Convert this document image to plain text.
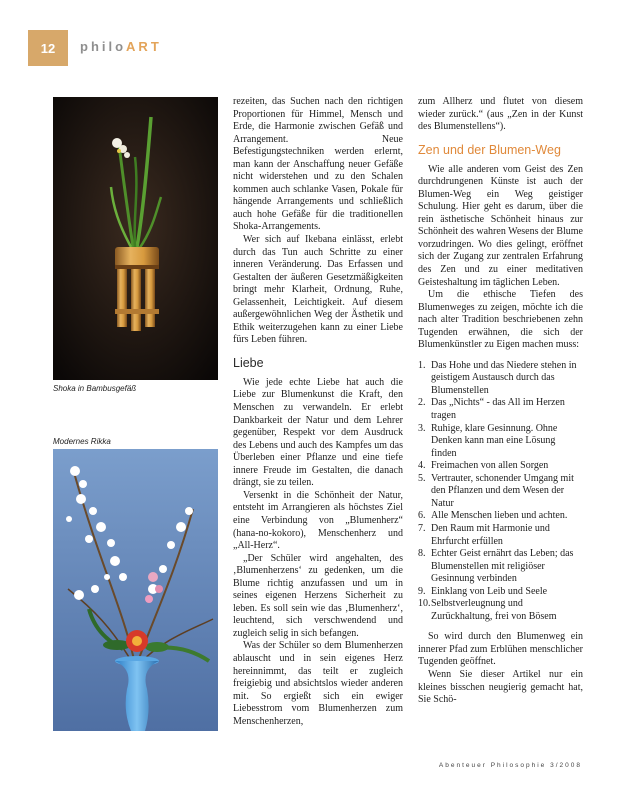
12 philoART
Shoka in Bambusgefäß
Modernes Rikka

rezeiten, das Suchen nach den richtigen Proportionen für Himmel, Mensch und Erde, die Harmonie zwischen Gefäß und Arrangement. Neue Befestigungstechniken werden erlernt, man kann der Anschaffung neuer Gefäße nicht widerstehen und zu den Schalen kommen auch schlanke Vasen, Pokale für hängende Arrangements und schließlich auch hohe Gefäße für die traditionellen Shoka-Arrangements.

Wer sich auf Ikebana einlässt, erlebt durch das Tun auch Schritte zu einer inneren Veränderung. Das Erfassen und Gestalten der äußeren Gesetzmäßigkeiten bringt mehr Klarheit, Ordnung, Ruhe, Gelassenheit, Leichtigkeit. Auf diesem außergewöhnlichen Weg der Ästhetik und Ethik weiterzugehen kann zu einer Liebe fürs Leben führen.

Liebe

Wie jede echte Liebe hat auch die Liebe zur Blumenkunst die Kraft, den Menschen zu verwandeln. Er erlebt Dankbarkeit der Natur und dem Lehrer gegenüber, Respekt vor dem Ausdruck des Lebens und auch des Kampfes um das Überleben einer Pflanze und eine tiefe innere Freude im Gestalten, die danach drängt, sie zu teilen.

Versenkt in die Schönheit der Natur, entsteht im Arrangieren als höchstes Ziel eine Verbindung von „Blumenherz“ (hana-no-kokoro), Menschenherz und „All-Herz“.

„Der Schüler wird angehalten, des ‚Blumenherzens‘ zu gedenken, um die Blume richtig anzufassen und um in seines eigenen Herzens Sicherheit zu leben. Es soll sein wie das ‚Blumenherz‘, leuchtend, sich verschwendend und zugleich selig in sich befangen.

Was der Schüler so dem Blumenherzen ablauscht und in sein eigenes Herz hereinnimmt, das teilt er zugleich freigiebig und absichtslos wieder anderen mit. So ergießt sich ein ewiger Liebesstrom vom Blumenherzen zum Menschenherzen,

zum Allherz und flutet von diesem wieder zurück.“ (aus „Zen in der Kunst des Blumenstellens“).

Zen und der Blumen-Weg

Wie alle anderen vom Geist des Zen durchdrungenen Künste ist auch der Blumen-Weg ein Weg geistiger Schulung. Hier geht es darum, über die rein ästhetische Schönheit hinaus zur Schönheit des wahren Wesens der Blume vorzudringen. Wo dies gelingt, eröffnet sich der Zugang zur zentralen Erfahrung des Zen und zu einer meditativen Geisteshaltung im täglichen Leben.

Um die ethische Tiefen des Blumenweges zu zeigen, möchte ich die nach alter Tradition beschriebenen zehn Tugenden erwähnen, die sich der Blumenkünstler zu Eigen machen muss:

1. Das Hohe und das Niedere stehen in geistigem Austausch durch das Blumenstellen
2. Das „Nichts“ - das All im Herzen tragen
3. Ruhige, klare Gesinnung. Ohne Denken kann man eine Lösung finden
4. Freimachen von allen Sorgen
5. Vertrauter, schonender Umgang mit den Pflanzen und dem Wesen der Natur
6. Alle Menschen lieben und achten.
7. Den Raum mit Harmonie und Ehrfurcht erfüllen
8. Echter Geist ernährt das Leben; das Blumenstellen mit religiöser Gesinnung verbinden
9. Einklang von Leib und Seele
10. Selbstverleugnung und Zurückhaltung, frei von Bösem

So wird durch den Blumenweg ein innerer Pfad zum Erblühen menschlicher Tugenden geöffnet.

Wenn Sie dieser Artikel nur ein kleines bisschen neugierig gemacht hat, Sie Schö-

Abenteuer Philosophie 3/2008
